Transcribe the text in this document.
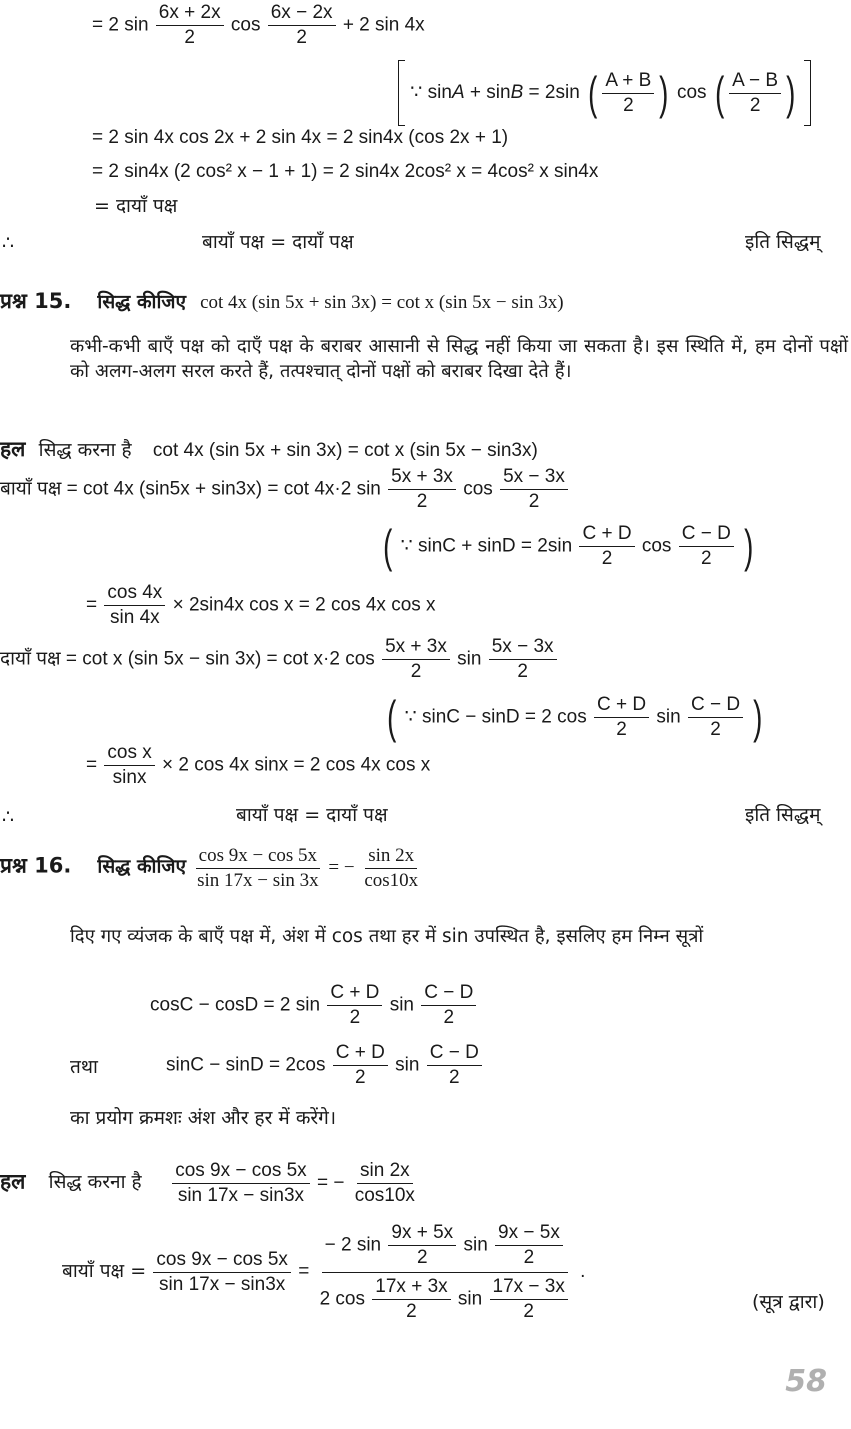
= 2 $\sin \frac{6x + 2x}{2}$ $\cos \frac{6x - 2x}{2} + 2$ sin 4x
∵ sinA + sinB = 2sin ( $\frac{A + B}{2}$ ) cos ( $\frac{A - B}{2}$ )
= 2 sin 4x cos 2x + 2 sin 4x = 2 sin4x (cos 2x + 1)
= 2 sin4x (2 cos² x − 1 + 1) = 2 sin4x 2cos² x = 4cos² x sin4x
= दायाँ पक्ष
∴	बायाँ पक्ष = दायाँ पक्ष	इति सिद्धम्
प्रश्न 15. सिद्ध कीजिए cot 4x (sin 5x + sin 3x) = cot x (sin 5x − sin 3x)
कभी-कभी बाएँ पक्ष को दाएँ पक्ष के बराबर आसानी से सिद्ध नहीं किया जा सकता है। इस स्थिति में, हम दोनों पक्षों को अलग-अलग सरल करते हैं, तत्पश्चात् दोनों पक्षों को बराबर दिखा देते हैं।
हल सिद्ध करना है cot 4x (sin 5x + sin 3x) = cot x (sin 5x − sin3x)
बायाँ पक्ष = cot 4x (sin5x + sin3x) = cot 4x·2 $\sin \frac{5x + 3x}{2}$ $\cos \frac{5x - 3x}{2}$
( ∵ $\sin C + \sin D = 2\sin \frac{C + D}{2}$ $\cos \frac{C - D}{2}$ )
= $\frac{\cos 4x}{\sin 4x} \times 2\sin 4x$ cos x = 2 cos 4x cos x
दायाँ पक्ष = cot x (sin 5x − sin 3x) = cot x·2 $\cos \frac{5x + 3x}{2}$ $\sin \frac{5x - 3x}{2}$
( ∵ sinC − sinD = 2 $\cos \frac{C + D}{2}$ $\sin \frac{C - D}{2}$ )
= $\frac{\text{cos x}}{\sin x} \times 2$ cos 4x sinx = 2 cos 4x cos x
∴	बायाँ पक्ष = दायाँ पक्ष	इति सिद्धम्
प्रश्न 16. सिद्ध कीजिए $\frac{\cos 9x - \cos 5x}{\sin 17x - \sin 3x}$ = − $\frac{\sin 2x}{\cos 10x}$
दिए गए व्यंजक के बाएँ पक्ष में, अंश में cos तथा हर में sin उपस्थित है, इसलिए हम निम्न सूत्रों
cosC − cosD = 2 $\sin \frac{C + D}{2}$ $\sin \frac{C - D}{2}$
तथा	$\sin C - \sin D = 2\cos \frac{C + D}{2}$ $\sin \frac{C - D}{2}$
का प्रयोग क्रमशः अंश और हर में करेंगे।
हल सिद्ध करना है $\frac{\cos 9x - \cos 5x}{\sin 17x - \sin 3x}$ = − $\frac{\sin 2x}{\cos 10x}$
बायाँ पक्ष = $\frac{\cos 9x - \cos 5x}{\sin 17x - \sin 3x} = \frac{- 2 \sin \frac{9x + 5x}{2} \sin \frac{9x - 5x}{2}}{2 \cos \frac{17x + 3x}{2} \sin \frac{17x - 3x}{2}}$ .
(सूत्र द्वारा)
58
